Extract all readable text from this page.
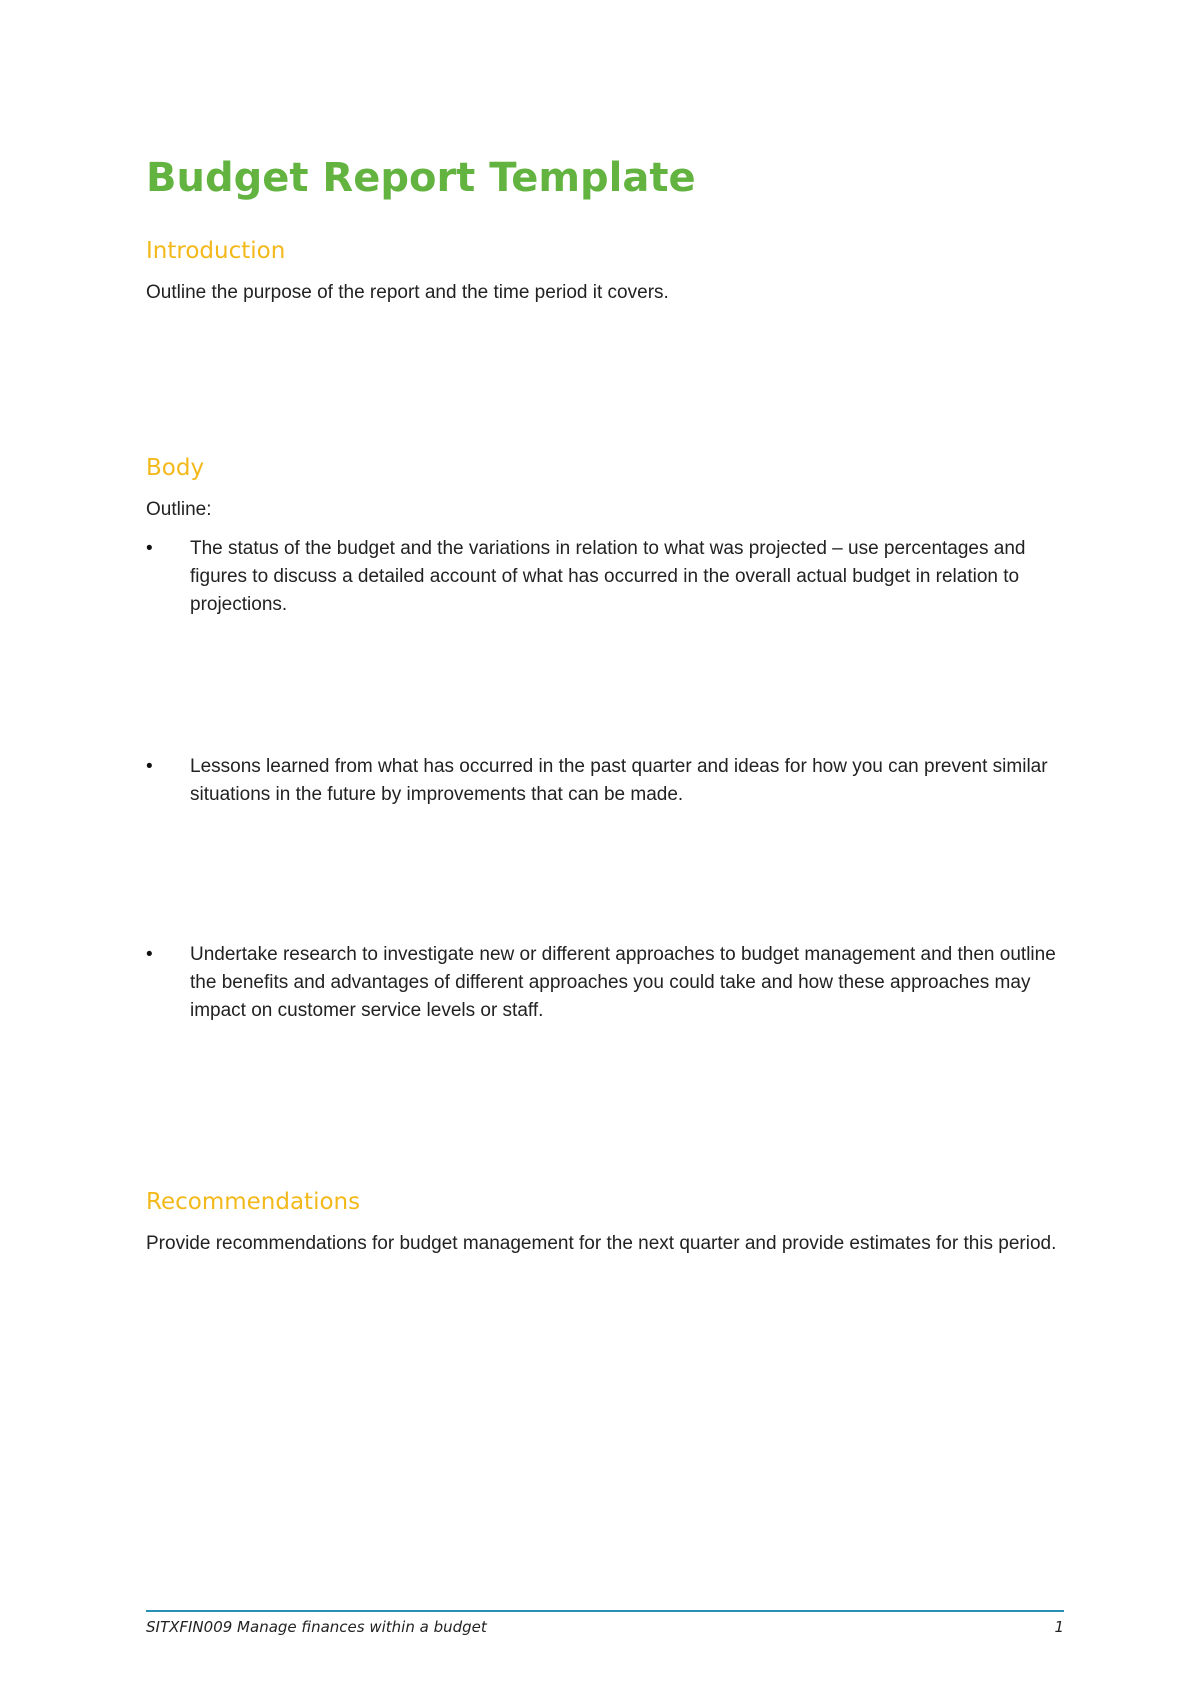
Budget Report Template
Introduction

Outline the purpose of the report and the time period it covers.

Body

Outline:

• The status of the budget and the variations in relation to what was projected – use percentages and figures to discuss a detailed account of what has occurred in the overall actual budget in relation to projections.
• Lessons learned from what has occurred in the past quarter and ideas for how you can prevent similar situations in the future by improvements that can be made.
• Undertake research to investigate new or different approaches to budget management and then outline the benefits and advantages of different approaches you could take and how these approaches may impact on customer service levels or staff.
Recommendations

Provide recommendations for budget management for the next quarter and provide estimates for this period.

SITXFIN009 Manage finances within a budget	1
